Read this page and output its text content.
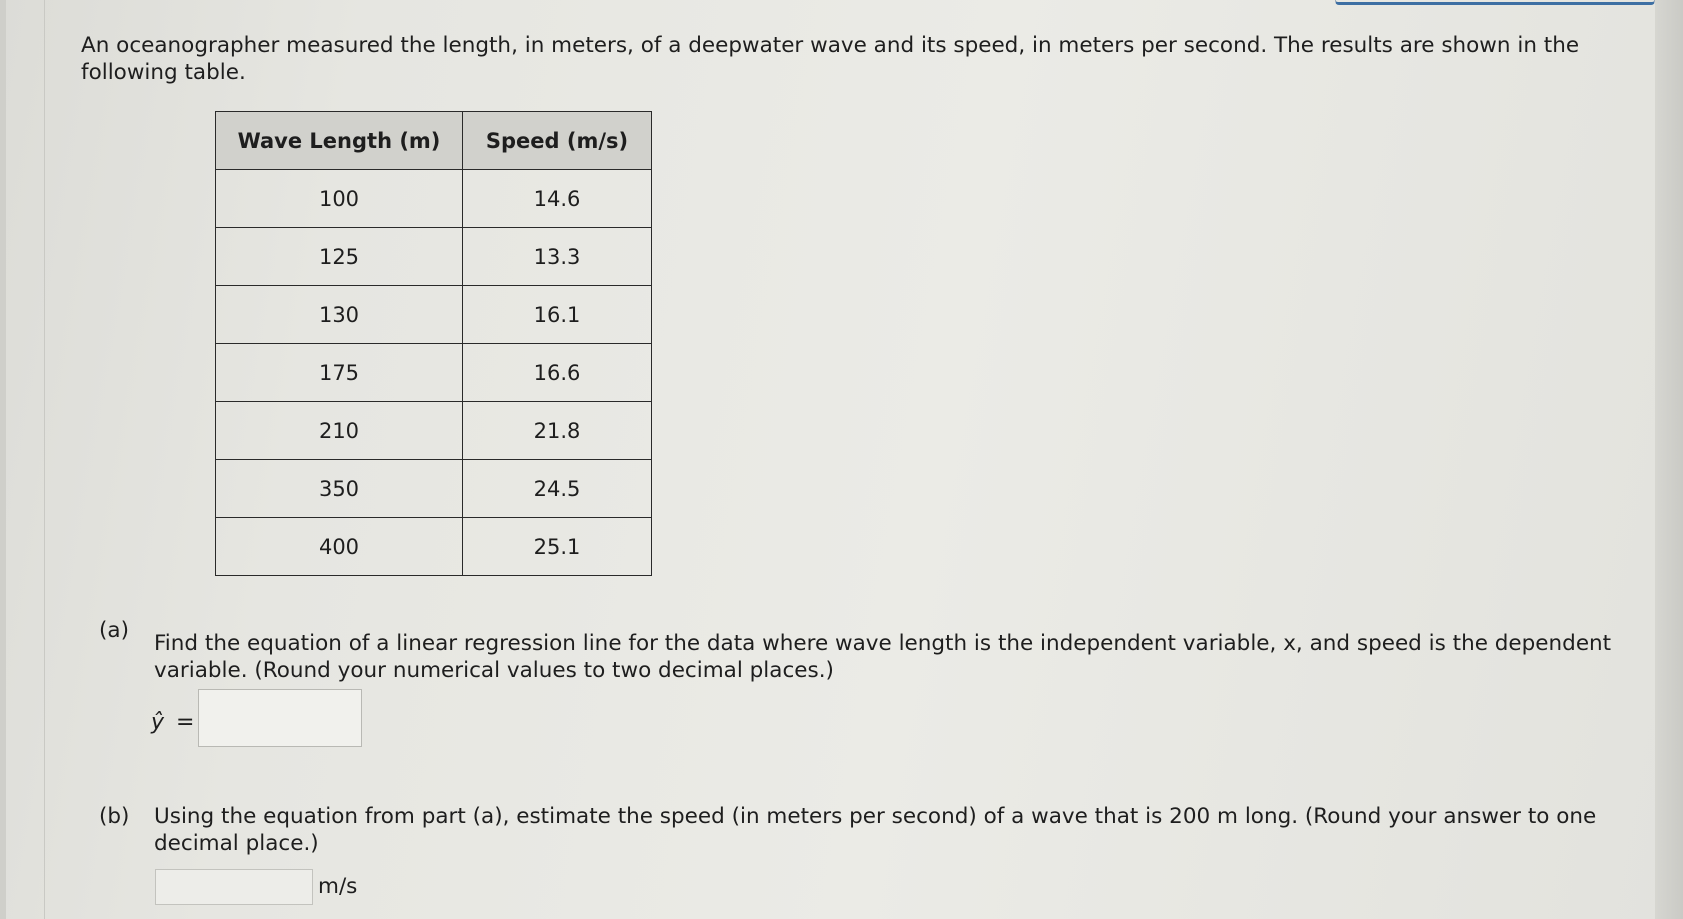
An oceanographer measured the length, in meters, of a deepwater wave and its speed, in meters per second. The results are shown in the following table.

Wave Length (m)	Speed (m/s)
100	14.6
125	13.3
130	16.1
175	16.6
210	21.8
350	24.5
400	25.1
(a)

Find the equation of a linear regression line for the data where wave length is the independent variable, x, and speed is the dependent variable. (Round your numerical values to two decimal places.)

ŷ =
(b) Using the equation from part (a), estimate the speed (in meters per second) of a wave that is 200 m long. (Round your answer to one decimal place.)

m/s
